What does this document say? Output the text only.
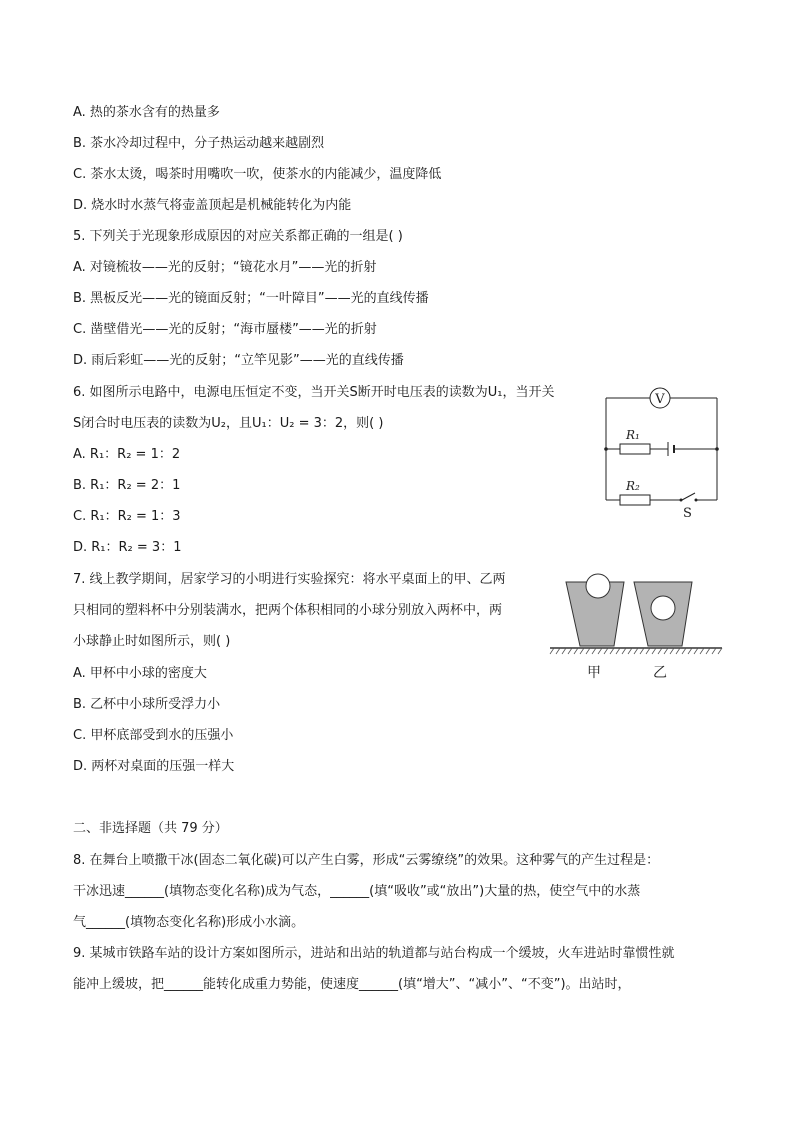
A. 热的茶水含有的热量多
B. 茶水冷却过程中，分子热运动越来越剧烈
C. 茶水太烫，喝茶时用嘴吹一吹，使茶水的内能减少，温度降低
D. 烧水时水蒸气将壶盖顶起是机械能转化为内能
5. 下列关于光现象形成原因的对应关系都正确的一组是( )
A. 对镜梳妆——光的反射；“镜花水月”——光的折射
B. 黑板反光——光的镜面反射；“一叶障目”——光的直线传播
C. 凿壁借光——光的反射；“海市蜃楼”——光的折射
D. 雨后彩虹——光的反射；“立竿见影”——光的直线传播
6. 如图所示电路中，电源电压恒定不变，当开关S断开时电压表的读数为U₁，当开关
S闭合时电压表的读数为U₂，且U₁：U₂ = 3：2，则( )
A. R₁：R₂ = 1：2
B. R₁：R₂ = 2：1
C. R₁：R₂ = 1：3
D. R₁：R₂ = 3：1
V
R₁
R₂
S
7. 线上教学期间，居家学习的小明进行实验探究：将水平桌面上的甲、乙两
只相同的塑料杯中分别装满水，把两个体积相同的小球分别放入两杯中，两
小球静止时如图所示，则( )
A. 甲杯中小球的密度大
B. 乙杯中小球所受浮力小
C. 甲杯底部受到水的压强小
D. 两杯对桌面的压强一样大
甲	乙
二、非选择题（共 79 分）
8. 在舞台上喷撒干冰(固态二氧化碳)可以产生白雾，形成“云雾缭绕”的效果。这种雾气的产生过程是：
干冰迅速______(填物态变化名称)成为气态，______(填“吸收”或“放出”)大量的热，使空气中的水蒸
气______(填物态变化名称)形成小水滴。
9. 某城市铁路车站的设计方案如图所示，进站和出站的轨道都与站台构成一个缓坡，火车进站时靠惯性就
能冲上缓坡，把______能转化成重力势能，使速度______(填“增大”、“减小”、“不变”)。出站时，
